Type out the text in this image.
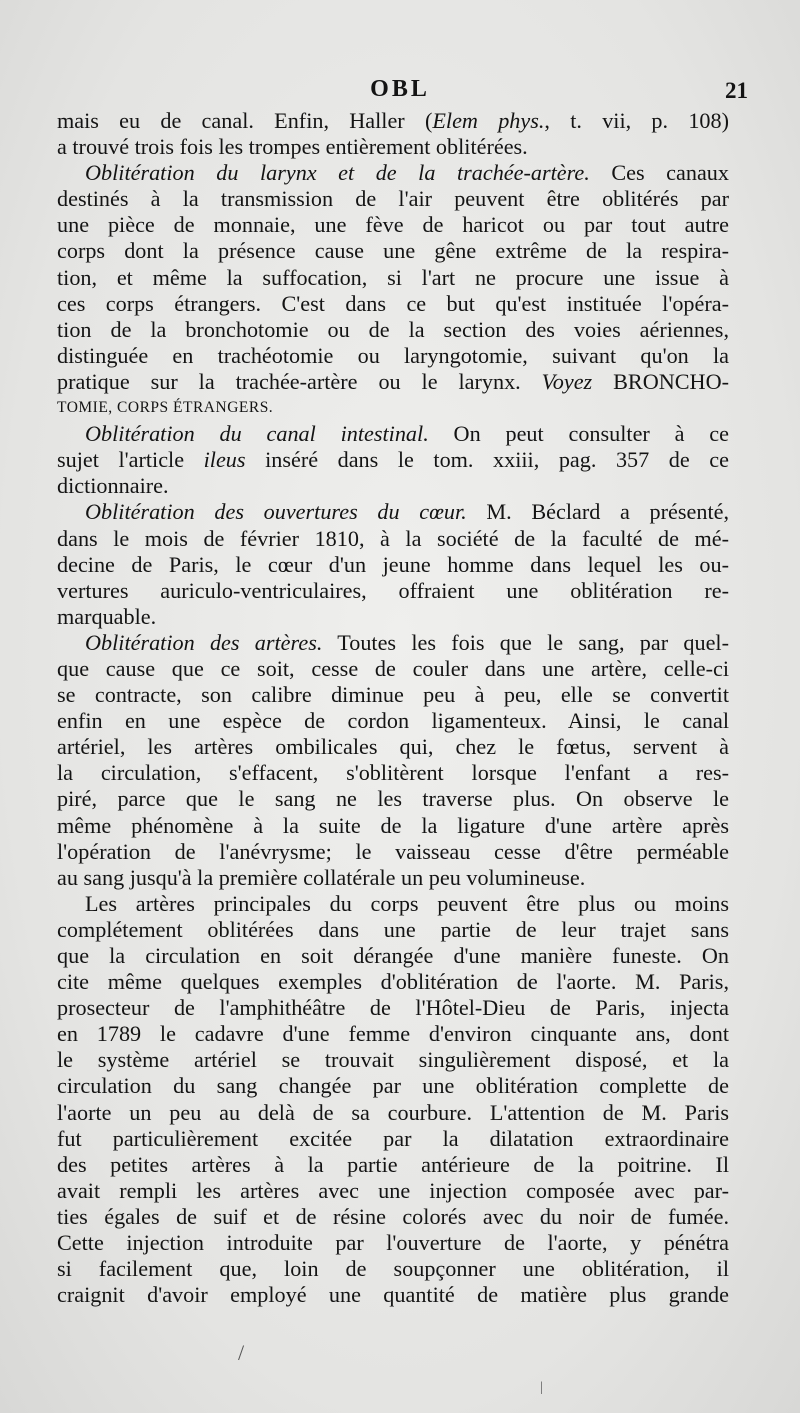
OBL	21
mais eu de canal. Enfin, Haller (Elem phys., t. vii, p. 108)
a trouvé trois fois les trompes entièrement oblitérées.
Oblitération du larynx et de la trachée-artère. Ces canaux
destinés à la transmission de l'air peuvent être oblitérés par
une pièce de monnaie, une fève de haricot ou par tout autre
corps dont la présence cause une gêne extrême de la respira-
tion, et même la suffocation, si l'art ne procure une issue à
ces corps étrangers. C'est dans ce but qu'est instituée l'opéra-
tion de la bronchotomie ou de la section des voies aériennes,
distinguée en trachéotomie ou laryngotomie, suivant qu'on la
pratique sur la trachée-artère ou le larynx. Voyez BRONCHO-
TOMIE, CORPS ÉTRANGERS.
Oblitération du canal intestinal. On peut consulter à ce
sujet l'article ileus inséré dans le tom. xxiii, pag. 357 de ce
dictionnaire.
Oblitération des ouvertures du cœur. M. Béclard a présenté,
dans le mois de février 1810, à la société de la faculté de mé-
decine de Paris, le cœur d'un jeune homme dans lequel les ou-
vertures auriculo-ventriculaires, offraient une oblitération re-
marquable.
Oblitération des artères. Toutes les fois que le sang, par quel-
que cause que ce soit, cesse de couler dans une artère, celle-ci
se contracte, son calibre diminue peu à peu, elle se convertit
enfin en une espèce de cordon ligamenteux. Ainsi, le canal
artériel, les artères ombilicales qui, chez le fœtus, servent à
la circulation, s'effacent, s'oblitèrent lorsque l'enfant a res-
piré, parce que le sang ne les traverse plus. On observe le
même phénomène à la suite de la ligature d'une artère après
l'opération de l'anévrysme; le vaisseau cesse d'être perméable
au sang jusqu'à la première collatérale un peu volumineuse.
Les artères principales du corps peuvent être plus ou moins
complétement oblitérées dans une partie de leur trajet sans
que la circulation en soit dérangée d'une manière funeste. On
cite même quelques exemples d'oblitération de l'aorte. M. Paris,
prosecteur de l'amphithéâtre de l'Hôtel-Dieu de Paris, injecta
en 1789 le cadavre d'une femme d'environ cinquante ans, dont
le système artériel se trouvait singulièrement disposé, et la
circulation du sang changée par une oblitération complette de
l'aorte un peu au delà de sa courbure. L'attention de M. Paris
fut particulièrement excitée par la dilatation extraordinaire
des petites artères à la partie antérieure de la poitrine. Il
avait rempli les artères avec une injection composée avec par-
ties égales de suif et de résine colorés avec du noir de fumée.
Cette injection introduite par l'ouverture de l'aorte, y pénétra
si facilement que, loin de soupçonner une oblitération, il
craignit d'avoir employé une quantité de matière plus grande
/
|
